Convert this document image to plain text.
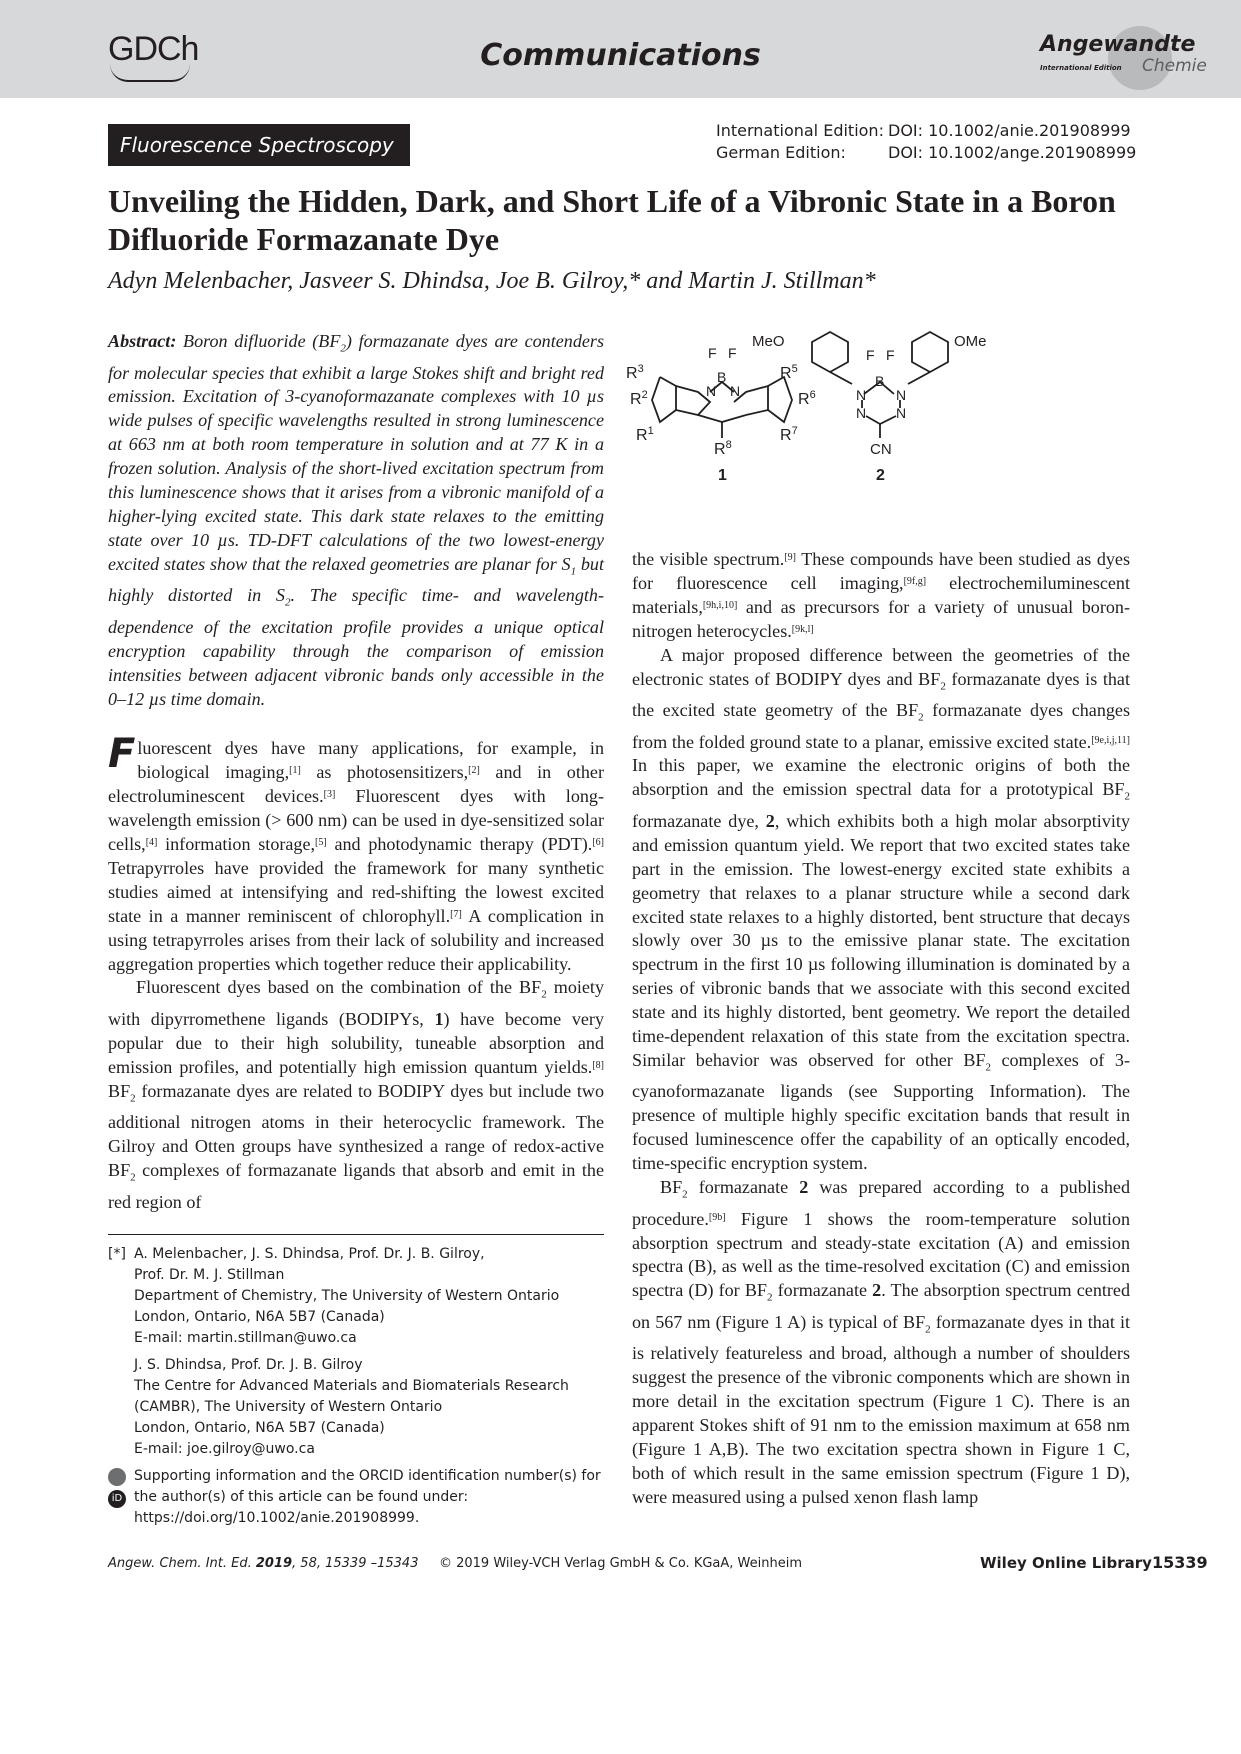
GDCh	Communications	Angewandte
International Edition Chemie
Fluorescence Spectroscopy
International Edition: DOI: 10.1002/anie.201908999
German Edition:	DOI: 10.1002/ange.201908999
Unveiling the Hidden, Dark, and Short Life of a Vibronic State in a Boron Difluoride Formazanate Dye
Adyn Melenbacher, Jasveer S. Dhindsa, Joe B. Gilroy,* and Martin J. Stillman*

Abstract: Boron difluoride $(BF_2)$ formazanate dyes are contenders for molecular species that exhibit a large Stokes shift and bright red emission. Excitation of 3-cyanoformazanate complexes with 10 µs wide pulses of specific wavelengths resulted in strong luminescence at 663 nm at both room temperature in solution and at 77 K in a frozen solution. Analysis of the short-lived excitation spectrum from this luminescence shows that it arises from a vibronic manifold of a higher-lying excited state. This dark state relaxes to the emitting state over 10 µs. TD-DFT calculations of the two lowest-energy excited states show that the relaxed geometries are planar for $S_1$ but highly distorted in $S_2$. The specific time- and wavelength-dependence of the excitation profile provides a unique optical encryption capability through the comparison of emission intensities between adjacent vibronic bands only accessible in the 0–12 µs time domain.

Fluorescent dyes have many applications, for example, in biological imaging,[1] as photosensitizers,[2] and in other electroluminescent devices.[3] Fluorescent dyes with long-wavelength emission (> 600 nm) can be used in dye-sensitized solar cells,[4] information storage,[5] and photodynamic therapy (PDT).[6] Tetrapyrroles have provided the framework for many synthetic studies aimed at intensifying and red-shifting the lowest excited state in a manner reminiscent of chlorophyll.[7] A complication in using tetrapyrroles arises from their lack of solubility and increased aggregation properties which together reduce their applicability.

Fluorescent dyes based on the combination of the $BF_2$ moiety with dipyrromethene ligands (BODIPYs, 1) have become very popular due to their high solubility, tuneable absorption and emission profiles, and potentially high emission quantum yields.[8] $BF_2$ formazanate dyes are related to BODIPY dyes but include two additional nitrogen atoms in their heterocyclic framework. The Gilroy and Otten groups have synthesized a range of redox-active $BF_2$ complexes of formazanate ligands that absorb and emit in the red region of

$R^3$
$R^2$
$R^1$
$R^8$
$R^7$
$R^6$
$R^5$
N N
B
F F
1
MeO	OMe
N N
N N
B
F F
CN
2

the visible spectrum.[9] These compounds have been studied as dyes for fluorescence cell imaging,[9f,g] electrochemiluminescent materials,[9h,i,10] and as precursors for a variety of unusual boron-nitrogen heterocycles.[9k,l]

A major proposed difference between the geometries of the electronic states of BODIPY dyes and $BF_2$ formazanate dyes is that the excited state geometry of the $BF_2$ formazanate dyes changes from the folded ground state to a planar, emissive excited state.[9e,i,j,11] In this paper, we examine the electronic origins of both the absorption and the emission spectral data for a prototypical $BF_2$ formazanate dye, 2, which exhibits both a high molar absorptivity and emission quantum yield. We report that two excited states take part in the emission. The lowest-energy excited state exhibits a geometry that relaxes to a planar structure while a second dark excited state relaxes to a highly distorted, bent structure that decays slowly over 30 µs to the emissive planar state. The excitation spectrum in the first 10 µs following illumination is dominated by a series of vibronic bands that we associate with this second excited state and its highly distorted, bent geometry. We report the detailed time-dependent relaxation of this state from the excitation spectra. Similar behavior was observed for other $BF_2$ complexes of 3-cyanoformazanate ligands (see Supporting Information). The presence of multiple highly specific excitation bands that result in focused luminescence offer the capability of an optically encoded, time-specific encryption system.

$BF_2$ formazanate 2 was prepared according to a published procedure.[9b] Figure 1 shows the room-temperature solution absorption spectrum and steady-state excitation (A) and emission spectra (B), as well as the time-resolved excitation (C) and emission spectra (D) for $BF_2$ formazanate 2. The absorption spectrum centred on 567 nm (Figure 1 A) is typical of $BF_2$ formazanate dyes in that it is relatively featureless and broad, although a number of shoulders suggest the presence of the vibronic components which are shown in more detail in the excitation spectrum (Figure 1 C). There is an apparent Stokes shift of 91 nm to the emission maximum at 658 nm (Figure 1 A,B). The two excitation spectra shown in Figure 1 C, both of which result in the same emission spectrum (Figure 1 D), were measured using a pulsed xenon flash lamp

[*] A. Melenbacher, J. S. Dhindsa, Prof. Dr. J. B. Gilroy,
Prof. Dr. M. J. Stillman
Department of Chemistry, The University of Western Ontario
London, Ontario, N6A 5B7 (Canada)
E-mail: martin.stillman@uwo.ca
J. S. Dhindsa, Prof. Dr. J. B. Gilroy
The Centre for Advanced Materials and Biomaterials Research
(CAMBR), The University of Western Ontario
London, Ontario, N6A 5B7 (Canada)
E-mail: joe.gilroy@uwo.ca
iD
Supporting information and the ORCID identification number(s) for
the author(s) of this article can be found under:
https://doi.org/10.1002/anie.201908999.
Angew. Chem. Int. Ed. 2019, 58, 15339 –15343	© 2019 Wiley-VCH Verlag GmbH & Co. KGaA, Weinheim	Wiley Online Library 15339
